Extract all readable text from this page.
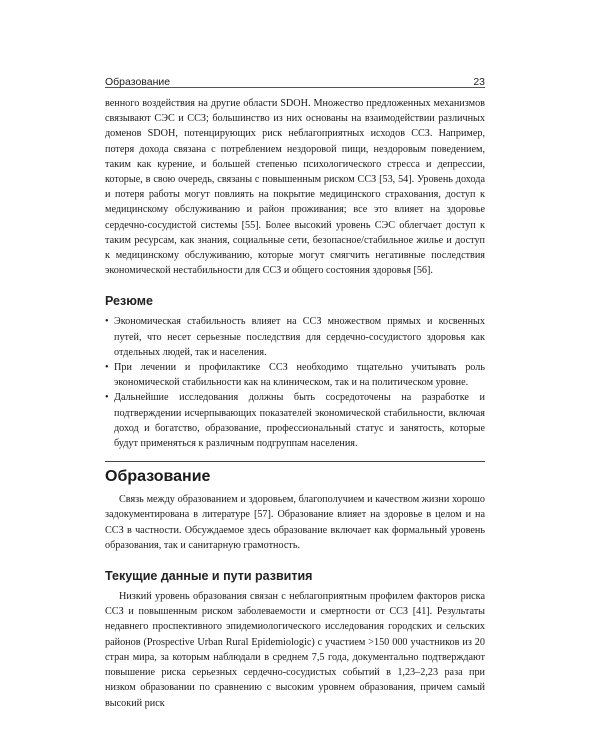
Образование	23

венного воздействия на другие области SDOH. Множество предложенных механизмов связывают СЭС и ССЗ; большинство из них основаны на взаимодействии различных доменов SDOH, потенцирующих риск неблагоприятных исходов ССЗ. Например, потеря дохода связана с потреблением нездоровой пищи, нездоровым поведением, таким как курение, и большей степенью психологического стресса и депрессии, которые, в свою очередь, связаны с повышенным риском ССЗ [53, 54]. Уровень дохода и потеря работы могут повлиять на покрытие медицинского страхования, доступ к медицинскому обслуживанию и район проживания; все это влияет на здоровье сердечно-сосудистой системы [55]. Более высокий уровень СЭС облегчает доступ к таким ресурсам, как знания, социальные сети, безопасное/стабильное жилье и доступ к медицинскому обслуживанию, которые могут смягчить негативные последствия экономической нестабильности для ССЗ и общего состояния здоровья [56].

Резюме
• Экономическая стабильность влияет на ССЗ множеством прямых и косвенных путей, что несет серьезные последствия для сердечно-сосудистого здоровья как отдельных людей, так и населения.
• При лечении и профилактике ССЗ необходимо тщательно учитывать роль экономической стабильности как на клиническом, так и на политическом уровне.
• Дальнейшие исследования должны быть сосредоточены на разработке и подтверждении исчерпывающих показателей экономической стабильности, включая доход и богатство, образование, профессиональный статус и занятость, которые будут применяться к различным подгруппам населения.
Образование

Связь между образованием и здоровьем, благополучием и качеством жизни хорошо задокументирована в литературе [57]. Образование влияет на здоровье в целом и на ССЗ в частности. Обсуждаемое здесь образование включает как формальный уровень образования, так и санитарную грамотность.

Текущие данные и пути развития

Низкий уровень образования связан с неблагоприятным профилем факторов риска ССЗ и повышенным риском заболеваемости и смертности от ССЗ [41]. Результаты недавнего проспективного эпидемиологического исследования городских и сельских районов (Prospective Urban Rural Epidemiologic) с участием >150 000 участников из 20 стран мира, за которым наблюдали в среднем 7,5 года, документально подтверждают повышение риска серьезных сердечно-сосудистых событий в 1,23–2,23 раза при низком образовании по сравнению с высоким уровнем образования, причем самый высокий риск
